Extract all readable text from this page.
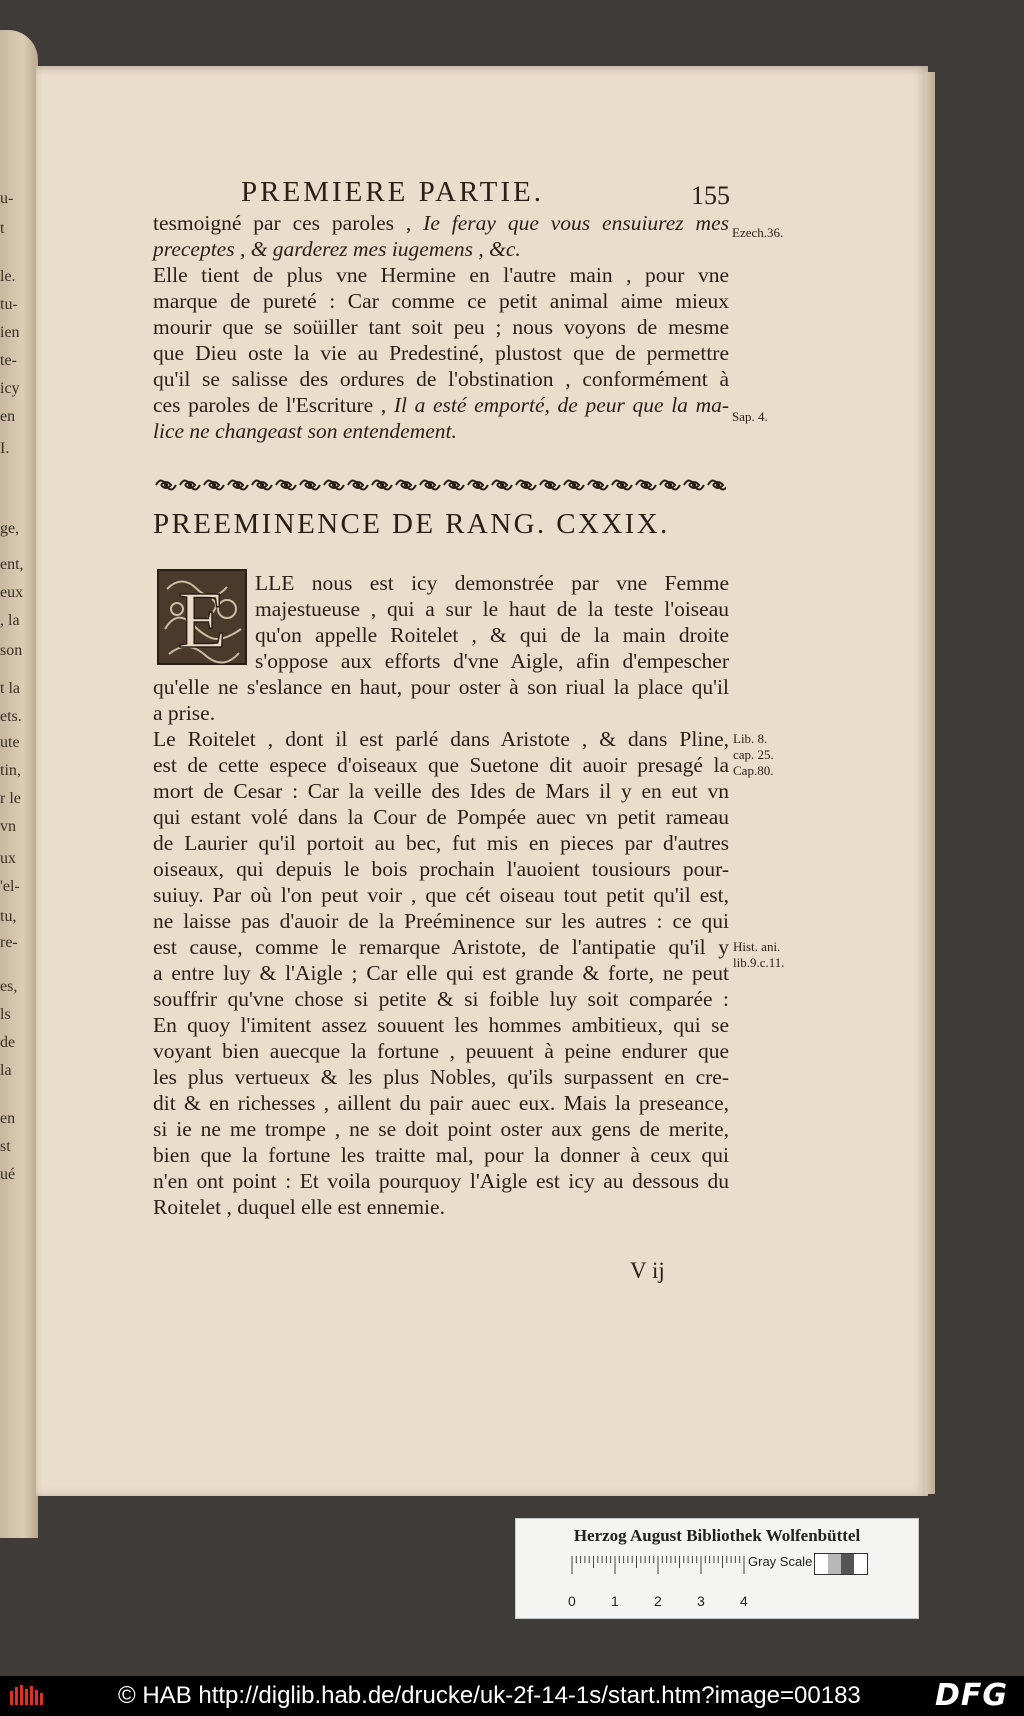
u-
t
le.
tu-
ien
te-
icy
en
I.
ge,
ent,
eux
, la
son
t la
ets.
ute
tin,
r le
vn
ux
'el-
tu,
re-
es,
ls
de
la
en
st
ué
PREMIERE PARTIE.	155
tesmoigné par ces paroles , Ie feray que vous ensuiurez mes
preceptes , & garderez mes iugemens , &c.
Elle tient de plus vne Hermine en l'autre main , pour vne
marque de pureté : Car comme ce petit animal aime mieux
mourir que se soüiller tant soit peu ; nous voyons de mesme
que Dieu oste la vie au Predestiné, plustost que de permettre
qu'il se salisse des ordures de l'obstination , conformément à
ces paroles de l'Escriture , Il a esté emporté, de peur que la ma-
lice ne changeast son entendement.
LLE nous est icy demonstrée par vne Femme
majestueuse , qui a sur le haut de la teste l'oiseau
qu'on appelle Roitelet , & qui de la main droite
s'oppose aux efforts d'vne Aigle, afin d'empescher
qu'elle ne s'eslance en haut, pour oster à son riual la place qu'il
a prise.
Le Roitelet , dont il est parlé dans Aristote , & dans Pline,
est de cette espece d'oiseaux que Suetone dit auoir presagé la
mort de Cesar : Car la veille des Ides de Mars il y en eut vn
qui estant volé dans la Cour de Pompée auec vn petit rameau
de Laurier qu'il portoit au bec, fut mis en pieces par d'autres
oiseaux, qui depuis le bois prochain l'auoient tousiours pour-
suiuy. Par où l'on peut voir , que cét oiseau tout petit qu'il est,
ne laisse pas d'auoir de la Preéminence sur les autres : ce qui
est cause, comme le remarque Aristote, de l'antipatie qu'il y
a entre luy & l'Aigle ; Car elle qui est grande & forte, ne peut
souffrir qu'vne chose si petite & si foible luy soit comparée :
En quoy l'imitent assez souuent les hommes ambitieux, qui se
voyant bien auecque la fortune , peuuent à peine endurer que
les plus vertueux & les plus Nobles, qu'ils surpassent en cre-
dit & en richesses , aillent du pair auec eux. Mais la preseance,
si ie ne me trompe , ne se doit point oster aux gens de merite,
bien que la fortune les traitte mal, pour la donner à ceux qui
n'en ont point : Et voila pourquoy l'Aigle est icy au dessous du
Roitelet , duquel elle est ennemie.
PREEMINENCE DE RANG. CXXIX.
E
Ezech.36.
Sap. 4.
Lib. 8.
cap. 25.
Cap.80.
Hist. ani.
lib.9.c.11.
V ij
Herzog August Bibliothek Wolfenbüttel
0	1	2	3	4
Gray Scale
© HAB http://diglib.hab.de/drucke/uk-2f-14-1s/start.htm?image=00183 DFG
